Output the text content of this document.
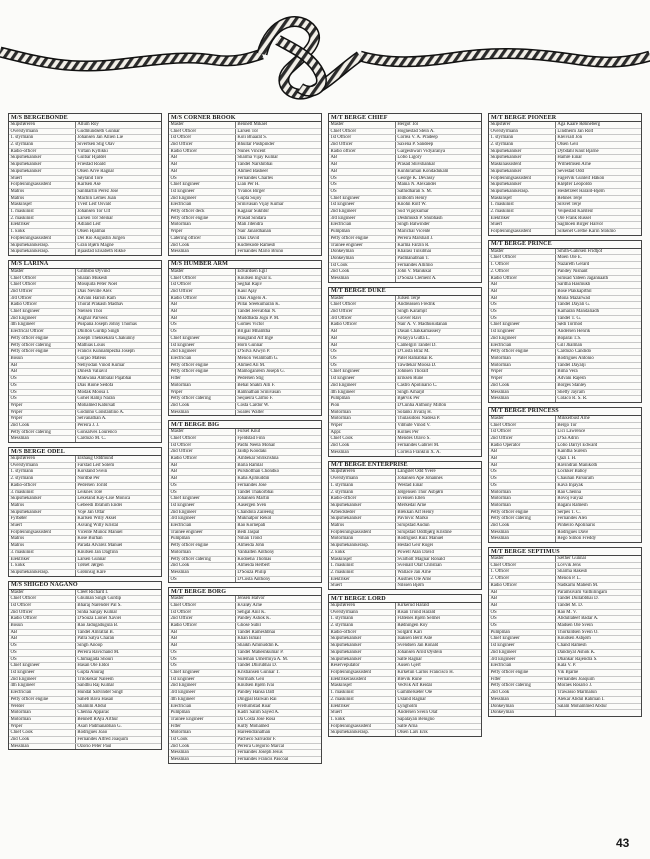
M/S BERGEBONDE
Skipsføreren	Allum Roy
Overstyrmann	Gudmundseth Gunnar
1. styrmann	Johansen Jan Allien Lie
2. styrmann	Sivertsen Stig Olav
Radio-officer	Virtain Kyllikki
Skipsmekaniker	Gulbar Hjalder
Skipsmekaniker	Friestad Roald
Skipsmekaniker	Olsen Arve Ragnar
Stuert	Søyland Tore
Forpleiningsassistent	Karlsen Ase
Matros	Sanmartin Perez Jose
Matros	Machin Lemes Juan
Maskinsjef	Tveit Leif Osvald
1. maskinist	Johansen Tor Ulf
2. maskinist	Larsen Tor Steinar
Elektriker	Adland Leif
1. kokk	Olsen Hjalmar
Forpleiningsassistent	Del Rio Augustin Jurgen
Skipsmekanikerasp.	Gran Bjørn Magne
Skipsmekanikerasp.	Bjaastad Elisabeth Rikke
M/S LARINA
Master	Grimsbo Øyvind
Chief Officer	Sharan Mukesh
Chief Officer	Mosquita Peter Noel
2nd Officer	Dias Neville Alex
3rd Officer	Advani Harish Ram
Radio Officer	Thorat Prakash Madhav
Chief Engineer	Nielsen Thor
2nd Engineer	Asghar Parveez
4th Engineer	Puspana Joseph Johny Thomas
Electrical Officer	Dhillon Gurdip Singh
Petty officer engine	Joseph Thekkekara Chakunny
Petty officer catering	Mathias Louis
Petty officer engine	Francis Kunnampezha Joseph
Bosun	Gurjao Mateus
AB	Nellyodan Vinod Kumar
AB	Dinesh Valiavil
OS	Makwana Ambalal Pajabhai
OS	Dias Rione Sedofa
OS	Modak Moosa I.
OS	Gohel Ramji Naran
Wiper	Mohamed Kabirsab
Wiper	Godinho Constantino A.
Wiper	Selvanathan A.
2nd Cook	Pereira J. J.
Petty officer catering	Gonsalves Lourenco
Messman	Cardozo M. C.
M/S BERGE ODEL
Skipsføreren	Elshaug Oddmund
Overstyrmann	Farstad Leif Solem
1. styrmann	Korsland Svein
2. styrmann	Nordbø Per
Radio-officer	Pedersen Torild
3. maskinist	Leiknes Tore
Skipsmekaniker	Lekeland Kay-Lise Monica
Matros	Gebeedi Ibrahim Ender
Skipsmekaniker	Voje Jan Ottar
Fyrbøter	Karlsen Willy Aksel
Stuert	Asvang Willy Kristal
Forpleiningsassistent	Vicente Munoz Manuel
Matros	Kose Burhan
Matros	Parada Alvarez Manuel
3. maskinist	Knutsen Jan Dagfinn
Elektriker	Larsen Gunnar
1. kokk	Tørset Jørgen
Skipsmekanikerasp.	Grønnsig Kåre
M/S SHIGEO NAGANO
Master	Creet Richard I.
Chief Officer	Ghuman Singh Gurdip
1st Officer	Bharaj Narender Pal S.
2nd Officer	Sinha Sanjay Kumar
Radio Officer	D'Souza Lionel Xavier
Bosun	Rao Jadugadugula B.
AB	Tandel Amratlal B.
AB	Patra Satya Charan
OS	Singh Anoop
OS	Pereira Ravichand M.
OS	Chimagada Shouri
Chief Engineer	Hasan Ole Eldor
1st Engineer	Gupta Anurag
2nd Engineer	Trilokekar Naleem
4th Engineer	Sandhu Raj Kumar
Electrician	Hundal Satvinder Singh
Petty officer engine	Saheb Bava Hasan
Welder	Shamim Abdul
Motorman	Chenna Apparao
Motorman	Bennett RAya Arthur
Wiper	Asari Padmanabhan G.
Chief Cook	Rodrigues Joao
2nd Cook	Fernandes Alfred Joaquim
Messman	Ozorio Peter Paul
M/S CORNER BROOK
Master	Bennett Mikael
Chief Officer	Larsen Tor
1st Officer	Koli Bhaarat S.
2nd Officer	Bhullar Pushpinder
Radio Officer	Nunes Vincent
AB	Sharma Vijay Kumar
AB	Tandel Narshibhai
AB	Ahmed Basheer
OS	Fernandes Charles
Chief Engineer	Lian Per H.
1st Engineer	Yvanos Birger
2nd Engineer	Gupta Sujoy
Electrician	Srinivasan Vijay Kumar
Petty officer deck	Kagaiar Sukhbir
Petty officer engine	Prasad Sindara
Motorman	Mali Jitendra
Wiper	Nair Janardhanan
Catering officer	Dias David
2nd Cook	Kudrekode Ramesh
Messman	Fernandes Mario Bruno
M/S HUMBER ARM
Master	Edvardsen Egil
Chief Officer	Knutsen Ingvar E.
1st Officer	Seghal Rajiv
2nd Officer	Kaul Ajay
Radio Officer	Dias Angelo A.
AB	Pillai Sreekumaran K.
AB	Tandel Jeevabhai N.
AB	Muddbada Jogu P. M.
OS	Gomes Victor
OS	Brijpal Mhamtha
Chief Engineer	Haugland Alf Inge
1st Engineer	Horn Gunnar
2nd Engineer	D'Silva Alwyn P.
Electrician	Menon Velambath G.
Petty officer engine	Ahmed Ali M.
Petty officer engine	Mamoganresh Joseph G.
Fitter	Pedersen Stig
Motorman	Behal Shakti Alli F.
Wiper	Ramnathan Srinivasan
Petty officer catering	Sequeira Carmo F.
2nd Cook	Costa Cardor W.
Messman	Soares Walter
M/T BERGE BIG
Master	Furset Knut
Chief Officer	Fjeldstad Finn
1st Officer	Padhi Neela Mohan
2nd Officer	Jaidip Koodaki
Radio Officer	Ambekar Shrikrishna
AB	Baria Ramlal
AB	Purshotthan Chondko
AB	Kaba Ajimuddin
OS	Fernandes Jose
OS	Tandel Thakorbhai
Chief Engineer	Johansen Martin
1st Engineer	Aasergen Sven
2nd Engineer	Chandola Zaileeng
3rd Engineer	Mukhatpor Rekol
Electrician	Rao Kornepati
Trainee engineer	Bedi Jaspal
Pumpman	Nihan Trond
Petty officer engine	Almeida John
Motorman	Vanhalten Anthony
Petty officer catering	Kodoeha Thomas
2nd Cook	Almeida Herbert
Messman	D'Souza Philip
OS	D'Costa Anthony
M/T BERGE BORG
Master	Jensen Halvor
Chief Officer	Kvaløy Arne
1st Officer	Sehgal Anil K.
2nd Officer	Pandey Ashok K.
Radio Officer	Ghose Subir
AB	Tandel Rameshbhai
AB	Khan Ismail
AB	Shaikh Aminuddin K.
OS	Tandel Maheshkumar P.
OS	Suleman Umermiya A. M.
OS	Tandel Dhirubhai D.
Chief Engineer	Kristiansen Gunnar T.
1st Engineer	Normark Geir
2nd Engineer	Knutsen Bjørn Ivar
3rd Engineer	Pandey Hansa Datt
4th Engineer	Dingpal Balwan Rai
Electrician	Frellumstad Roar
Pumpman	Kadri Salim Sayed A.
Trainee Engineer	Da Costa Jose Rosa
Fitter	Kutty Mohamed
Motorman	Hareendranathan
1st Cook	Pacheco Salvador F.
2nd Cook	Pereira Gregorio Marcal
Messman	Fernandes Joseph Jesus
Messman	Fernandes Francis Pascoal
M/T BERGE CHIEF
Master	Hergot Tor
Chief Officer	Hognestad Stein A.
1st Officer	Correa V. A. Pradeep
2nd Officer	Saxena P. Sandeep
Radio officer	Gargeshwari Vidyaranya
AB	Lobo Ligory
AB	Prasad Shivshankar
AB	Kunhiraman Kondadukam
OS	George K. Devassy
OS	Mania N. Alexander
OS	Sathidharan S. M.
Chief Engineer	Eldholm Henry
1st Engineer	Knohn Rolf W.
2nd Engineer	Sud Vijaykumar
3rd Engineer	Deshmukh P. Shubhash
Electrician	Singh Balwinder
Pumpman	Marichal Vicente
Petty officer engine	Pereira Marshall J.
Trainee engineer	Karma Farzin R.
Donkeyman	Khalasi Tulsibhai
Donkeyman	Padmanabhan T.
1st Cook	Fernandes Allimio
2nd Cook	John V. Manikkal
Messman	D'Souza Clement A.
M/T BERGE DUKE
Master	Julsen Terje
Chief Officer	Andreassen Fredrik
2nd Officer	Singh Karamjit
3rd Officer	Grover Ravi
Radio Officer	Nair A. V. Madhusudanan
AB	Dasan Chakkamassery
AB	Polayya Gutta L.
AB	Camelgiri Tandel D.
OS	D'Costa Braz M.
OS	Patel Ramabhai R.
OS	Tawdekar Moosa D.
Chief Engineer	Johnsen Thoralf
1st Engineer	Eriksen Rune
2nd Engineer	Castro Apolinario C.
4th Engineer	Singh Amarjit
Pumpman	Bjørvik Per
Pion	D'Cunha Anthony Milton
Motorman	Solanki Jivaraj H.
Motorman	Thulasidoss Nadesa P.
Wiper	Vibhute Vinod V.
Appr.	Kolnes Per
Chief Cook	Mendes Olavo S.
2nd Cook	Fernandes Gabriel M.
Messman	Correia Franklin X. A.
M/T BERGE ENTERPRISE
Skipsføreren	Langslet Odd Yvere
Overstyrmann	Johansen Ape Johannes
1. styrmann	Westad Einar
2. styrmann	Jørgensen Thor Asbjørn
Radio-officer	Evensen Ellen
Skipsmekaniker	Merkedal Arne
Arbeidsleder	Brekkan Alf Henry
Skipsmekaniker	Pavlovic Marko
Matros	Sirupstad Audun
Forpleiningsassistent	Sirupstad Oddbjørg Kristine
Motormann	Rodriguez Ruiz Manuel
Skipsmekanikerasp.	Hestad Geir Roger
2. kokk	Powell Alan David
Maskinsjef	Svarholt Magnar Ronald
1. maskinist	Sveinall Olaf Christian
2. maskinist	Wallace Jan Arne
Elektriker	Austnes Ole Arne
Stuert	Nilssen Bjørn
M/T BERGE LORD
Skipsføreren	Kirkerud Harald
Overstyrmann	Risan Trond Harald
1. styrmann	Flåtenes Bjørn Selmer
2. styrmann	Rødningen Roy
Radio-officer	Solgård Kari
Skipsmekaniker	Isaksen Berit Asle
Skipsmekaniker	Svendsen Jan Ronald
Skipsmekaniker	Johansen Arild Øystein
Skipsmekaniker	Salte Ragnar
Reserveputator	Ausen Gjert
Forpleiningsassistent	Kirketun Carlos Francisco H.
Elektrikerassistent	Brevik Rune
Maskinsjef	Vedvik Alf Reidar
1. maskinist	Gammelsæter Ole
2. maskinist	Usland Ragnar
Elektriker	Lyngholm
Stuert	Andersen Svein Olaf
1. kokk	Sapalayan Benigno
Forpleiningsassistent	Salte Arna
Skipsmekanikerasp.	Olsen Lars Erik
M/T BERGE PIONEER
Skipsfører	Aga Kaare Rønneberg
Overstyrmann	Lindheim Jan Rolf
1. styrmann	Kleiviall Jon
2. styrmann	Olsen Geir
Skipsmekaniker	Dybdahl Knut Bjarne
Skipsmekaniker	Hamre Einar
Maskinassistent	Wilhelmsen Arne
Skipsmekaniker	Sevestad Odd
Forpleiningsassistent	Fagervik Gunleif Håkon
Skipsmekaniker	Kløpfer Leopoldo
Skipsmekanikerasp.	Hestetræet Harald-Bjørn
Maskinsjef	Rehnes Terje
1. maskinist	Silsvet Terje
2. maskinist	Veipestad Karstein
Elektriker	Ore Frank Russel
Stuert	Sagmoen Birger Halvor
Forpleiningsassistent	Silkenet Grethe Karin Stokmo
M/T BERGE PRINCE
Master	Smith-Gahrsen Fridtjof
Chief Officer	Moen Ole E.
1. Officer	Nazareth Gerard
2. Officer	Pandey Nishant
Radio Officer	Simsad Yateen Jagannaath
AB	Sardha Hasmukh
AB	Bosé Plakkaprthil
AB	Mona Mazarwad
OS	Tandel Dayali G.
OS	Kamaran Mandaliadh
OS	Tandel T. G.
Chief Engineer	Sødi Tormod
1st Engineer	Andersen Henrik
2nd Engineer	Boparai T.S.
Electrician	Gill Jhalman
Petty officer engine	Cardozo Candido
Motorman	Rodrigues Antonio
Motorman	Tandel Dayalji
Wiper	Bima Vera
Wiper	Advani Rajesh
2nd Cook	Borges Stanley
Messman	Shetty Jayram
Messman	Colaco R. S. R.
M/T BERGE PRINCESS
Master	Mikkelbust Arne
Chief Officer	Bergo Tor
1st Officer	Lici Lawrence
2nd Officer	D'Sa Adrin
Radio Operator	Lobo Darryl Edward
AB	Kaintha Suresh
AB	Qazi I. H.
AB	Ravindran Manikoth
OS	Lockker Baboy
OS	Chauhan Parsuram
OS	Kava Injayak
Motorman	Rao Chenna
Motorman	Rovoj Faiyaz
Motorman	Bagani Ramesh
Petty officer engine	Serpes T. C.
Petty officer catering	Fernandes Alex
2nd Cook	Pinheiro Apolinario
Messman	Rodrigues Dave
Messman	Rego Simon Freddy
M/T BERGE SEPTIMUS
Master	Sæther Gunnar
Chief Officer	Lovvik Jens
1. Officer	Sharma Rakesh
2. Officer	Menon P. L.
Radio Officer	Nadkarni Mahesh M.
AB	Paramsivam Vaithilingam
AB	Tandel Dullabbhai D.
AB	Tandel M. D.
OS	Rao M. V.
OS	Abdullateef Badar A.
OS	Madsen Ole Svein
Pumpman	Thorkildsen Svein O.
Chief Engineer	Knudsen Asbjørn
1st Engineer	Chand Ramesh
2nd Engineer	Dandoyal Ashok K.
3rd Engineer	Dhankar Rajendra S.
Electrician	Kala V. P.
Petty officer engine	Vik Bjarne
Fitter	Fernandes Joaquim
Petty officer catering	Moraes Rosario J.
2nd Cook	Trawasso Marmalun
Messman	Alekar Abdul Rahman I.
Donkeyman	Salam Mohammed Abdur
Donkeyman
43
